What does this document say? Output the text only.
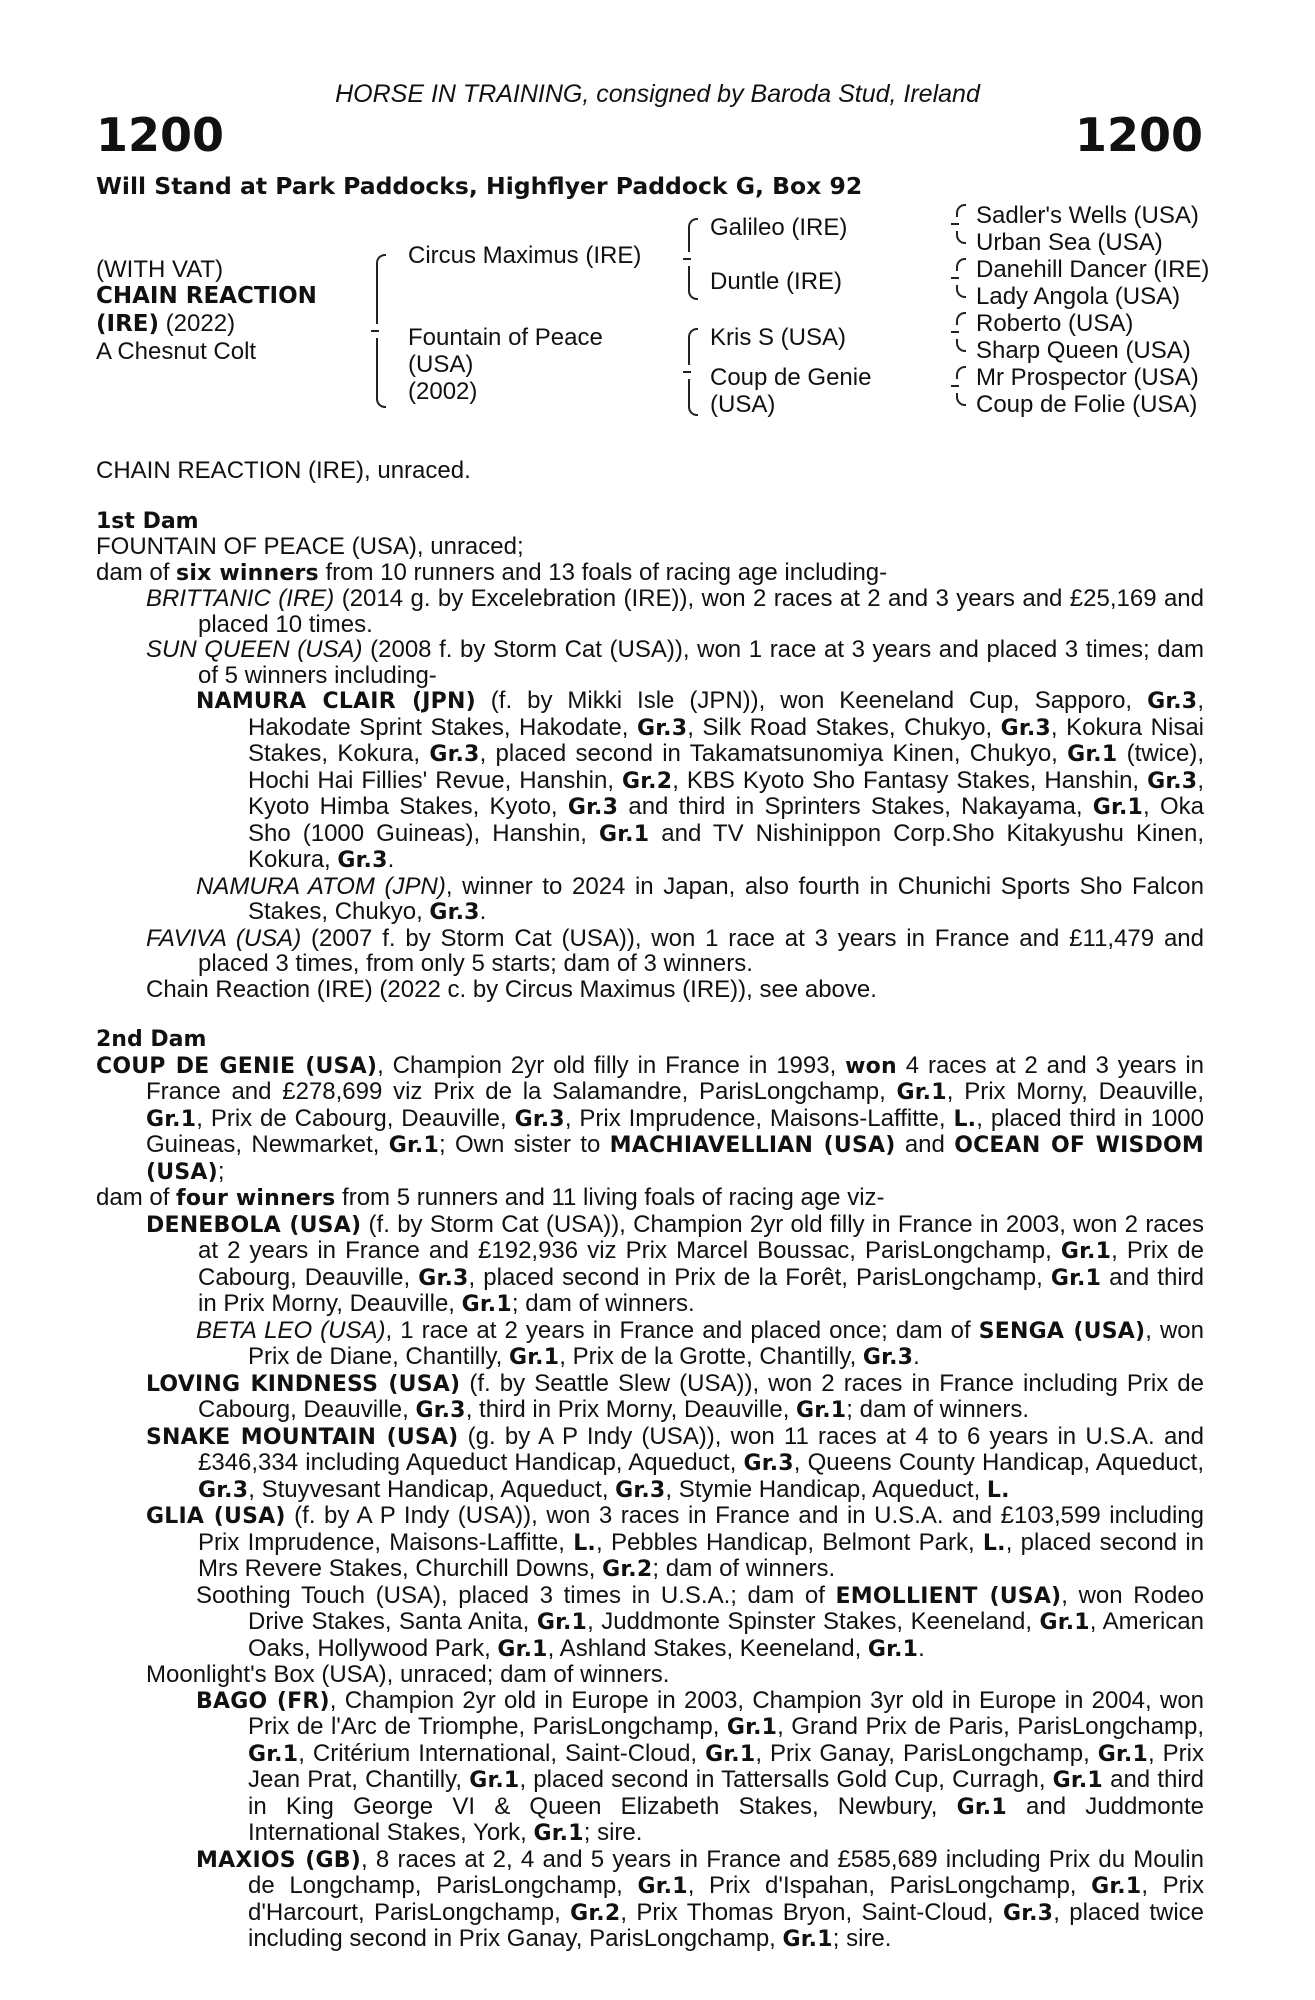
HORSE IN TRAINING, consigned by Baroda Stud, Ireland
1200	1200
Will Stand at Park Paddocks, Highflyer Paddock G, Box 92
(WITH VAT)
CHAIN REACTION
(IRE) (2022)
A Chesnut Colt
Circus Maximus (IRE)
Fountain of Peace
(USA)
(2002)
Galileo (IRE)
Duntle (IRE)
Kris S (USA)
Coup de Genie
(USA)
Sadler's Wells (USA)
Urban Sea (USA)
Danehill Dancer (IRE)
Lady Angola (USA)
Roberto (USA)
Sharp Queen (USA)
Mr Prospector (USA)
Coup de Folie (USA)

CHAIN REACTION (IRE), unraced.

1st Dam

FOUNTAIN OF PEACE (USA), unraced;

dam of six winners from 10 runners and 13 foals of racing age including-

BRITTANIC (IRE) (2014 g. by Excelebration (IRE)), won 2 races at 2 and 3 years and £25,169 and placed 10 times.

SUN QUEEN (USA) (2008 f. by Storm Cat (USA)), won 1 race at 3 years and placed 3 times; dam of 5 winners including-

NAMURA CLAIR (JPN) (f. by Mikki Isle (JPN)), won Keeneland Cup, Sapporo, Gr.3, Hakodate Sprint Stakes, Hakodate, Gr.3, Silk Road Stakes, Chukyo, Gr.3, Kokura Nisai Stakes, Kokura, Gr.3, placed second in Takamatsunomiya Kinen, Chukyo, Gr.1 (twice), Hochi Hai Fillies' Revue, Hanshin, Gr.2, KBS Kyoto Sho Fantasy Stakes, Hanshin, Gr.3, Kyoto Himba Stakes, Kyoto, Gr.3 and third in Sprinters Stakes, Nakayama, Gr.1, Oka Sho (1000 Guineas), Hanshin, Gr.1 and TV Nishinippon Corp.Sho Kitakyushu Kinen, Kokura, Gr.3.

NAMURA ATOM (JPN), winner to 2024 in Japan, also fourth in Chunichi Sports Sho Falcon Stakes, Chukyo, Gr.3.

FAVIVA (USA) (2007 f. by Storm Cat (USA)), won 1 race at 3 years in France and £11,479 and placed 3 times, from only 5 starts; dam of 3 winners.

Chain Reaction (IRE) (2022 c. by Circus Maximus (IRE)), see above.

2nd Dam

COUP DE GENIE (USA), Champion 2yr old filly in France in 1993, won 4 races at 2 and 3 years in France and £278,699 viz Prix de la Salamandre, ParisLongchamp, Gr.1, Prix Morny, Deauville, Gr.1, Prix de Cabourg, Deauville, Gr.3, Prix Imprudence, Maisons-Laffitte, L., placed third in 1000 Guineas, Newmarket, Gr.1; Own sister to MACHIAVELLIAN (USA) and OCEAN OF WISDOM (USA);

dam of four winners from 5 runners and 11 living foals of racing age viz-

DENEBOLA (USA) (f. by Storm Cat (USA)), Champion 2yr old filly in France in 2003, won 2 races at 2 years in France and £192,936 viz Prix Marcel Boussac, ParisLongchamp, Gr.1, Prix de Cabourg, Deauville, Gr.3, placed second in Prix de la Forêt, ParisLongchamp, Gr.1 and third in Prix Morny, Deauville, Gr.1; dam of winners.

BETA LEO (USA), 1 race at 2 years in France and placed once; dam of SENGA (USA), won Prix de Diane, Chantilly, Gr.1, Prix de la Grotte, Chantilly, Gr.3.

LOVING KINDNESS (USA) (f. by Seattle Slew (USA)), won 2 races in France including Prix de Cabourg, Deauville, Gr.3, third in Prix Morny, Deauville, Gr.1; dam of winners.

SNAKE MOUNTAIN (USA) (g. by A P Indy (USA)), won 11 races at 4 to 6 years in U.S.A. and £346,334 including Aqueduct Handicap, Aqueduct, Gr.3, Queens County Handicap, Aqueduct, Gr.3, Stuyvesant Handicap, Aqueduct, Gr.3, Stymie Handicap, Aqueduct, L.

GLIA (USA) (f. by A P Indy (USA)), won 3 races in France and in U.S.A. and £103,599 including Prix Imprudence, Maisons-Laffitte, L., Pebbles Handicap, Belmont Park, L., placed second in Mrs Revere Stakes, Churchill Downs, Gr.2; dam of winners.

Soothing Touch (USA), placed 3 times in U.S.A.; dam of EMOLLIENT (USA), won Rodeo Drive Stakes, Santa Anita, Gr.1, Juddmonte Spinster Stakes, Keeneland, Gr.1, American Oaks, Hollywood Park, Gr.1, Ashland Stakes, Keeneland, Gr.1.

Moonlight's Box (USA), unraced; dam of winners.

BAGO (FR), Champion 2yr old in Europe in 2003, Champion 3yr old in Europe in 2004, won Prix de l'Arc de Triomphe, ParisLongchamp, Gr.1, Grand Prix de Paris, ParisLongchamp, Gr.1, Critérium International, Saint-Cloud, Gr.1, Prix Ganay, ParisLongchamp, Gr.1, Prix Jean Prat, Chantilly, Gr.1, placed second in Tattersalls Gold Cup, Curragh, Gr.1 and third in King George VI & Queen Elizabeth Stakes, Newbury, Gr.1 and Juddmonte International Stakes, York, Gr.1; sire.

MAXIOS (GB), 8 races at 2, 4 and 5 years in France and £585,689 including Prix du Moulin de Longchamp, ParisLongchamp, Gr.1, Prix d'Ispahan, ParisLongchamp, Gr.1, Prix d'Harcourt, ParisLongchamp, Gr.2, Prix Thomas Bryon, Saint-Cloud, Gr.3, placed twice including second in Prix Ganay, ParisLongchamp, Gr.1; sire.
